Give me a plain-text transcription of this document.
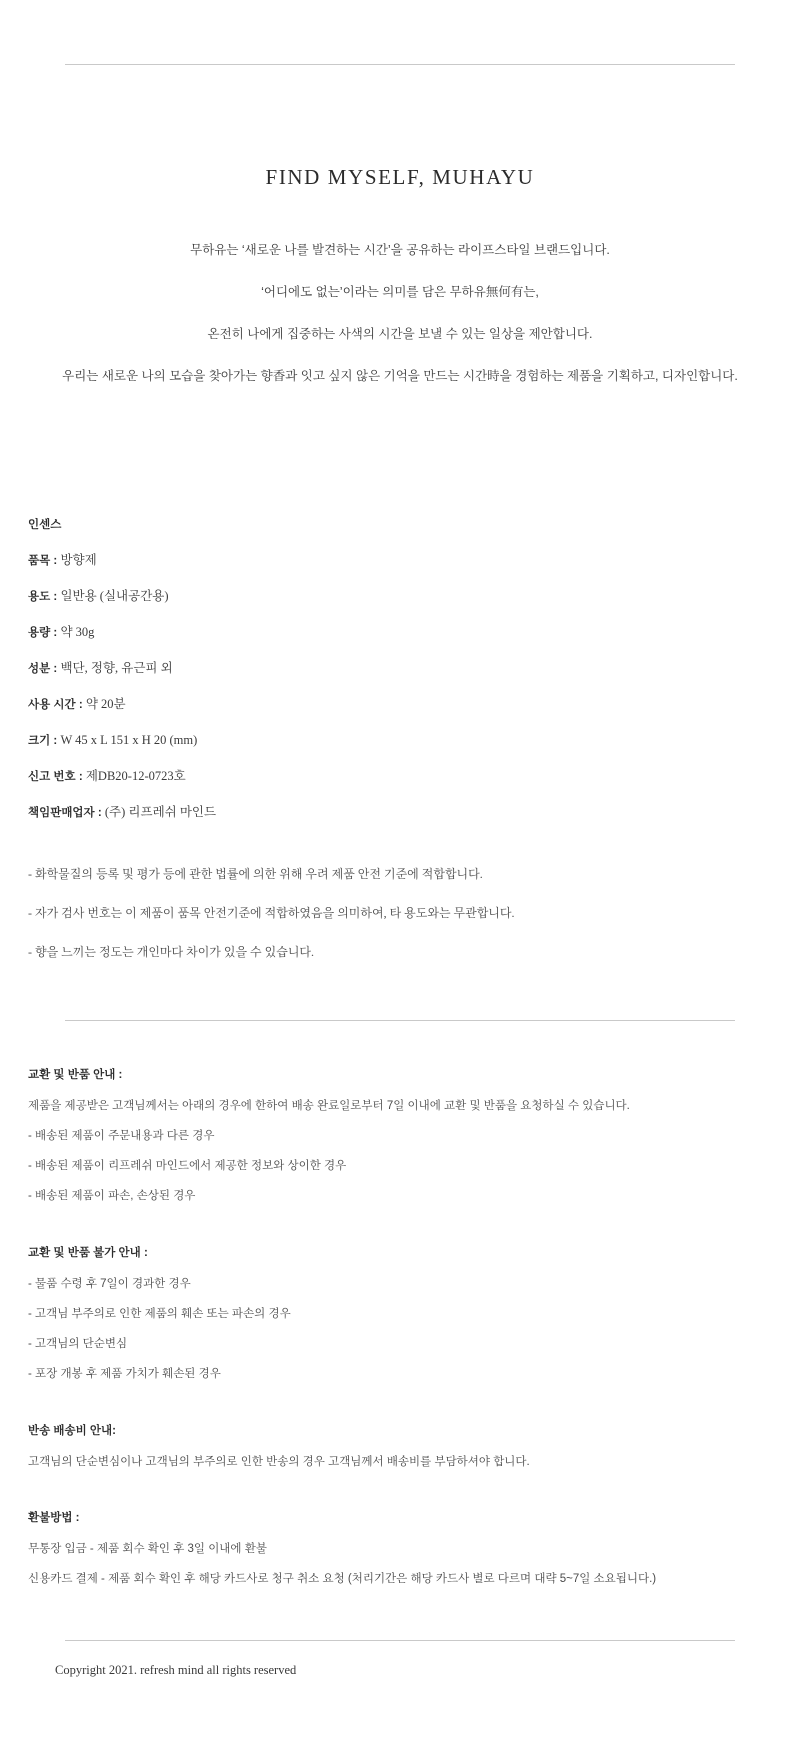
FIND MYSELF, MUHAYU

무하유는 ‘새로운 나를 발견하는 시간’을 공유하는 라이프스타일 브랜드입니다.

‘어디에도 없는’이라는 의미를 담은 무하유無何有는,

온전히 나에게 집중하는 사색의 시간을 보낼 수 있는 일상을 제안합니다.

우리는 새로운 나의 모습을 찾아가는 향香과 잇고 싶지 않은 기억을 만드는 시간時을 경험하는 제품을 기획하고, 디자인합니다.

인센스
품목 : 방향제
용도 : 일반용 (실내공간용)
용량 : 약 30g
성분 : 백단, 정향, 유근피 외
사용 시간 : 약 20분
크기 : W 45 x L 151 x H 20 (mm)
신고 번호 : 제DB20-12-0723호
책임판매업자 : (주) 리프레쉬 마인드
- 화학물질의 등록 및 평가 등에 관한 법률에 의한 위해 우려 제품 안전 기준에 적합합니다.
- 자가 검사 번호는 이 제품이 품목 안전기준에 적합하였음을 의미하여, 타 용도와는 무관합니다.
- 향을 느끼는 정도는 개인마다 차이가 있을 수 있습니다.
교환 및 반품 안내 :
제품을 제공받은 고객님께서는 아래의 경우에 한하여 배송 완료일로부터 7일 이내에 교환 및 반품을 요청하실 수 있습니다.
- 배송된 제품이 주문내용과 다른 경우
- 배송된 제품이 리프레쉬 마인드에서 제공한 정보와 상이한 경우
- 배송된 제품이 파손, 손상된 경우
교환 및 반품 불가 안내 :
- 물품 수령 후 7일이 경과한 경우
- 고객님 부주의로 인한 제품의 훼손 또는 파손의 경우
- 고객님의 단순변심
- 포장 개봉 후 제품 가치가 훼손된 경우
반송 배송비 안내:
고객님의 단순변심이나 고객님의 부주의로 인한 반송의 경우 고객님께서 배송비를 부담하셔야 합니다.
환불방법 :
무통장 입금 - 제품 회수 확인 후 3일 이내에 환불
신용카드 결제 - 제품 회수 확인 후 해당 카드사로 청구 취소 요청 (처리기간은 해당 카드사 별로 다르며 대략 5~7일 소요됩니다.)
Copyright 2021. refresh mind all rights reserved
